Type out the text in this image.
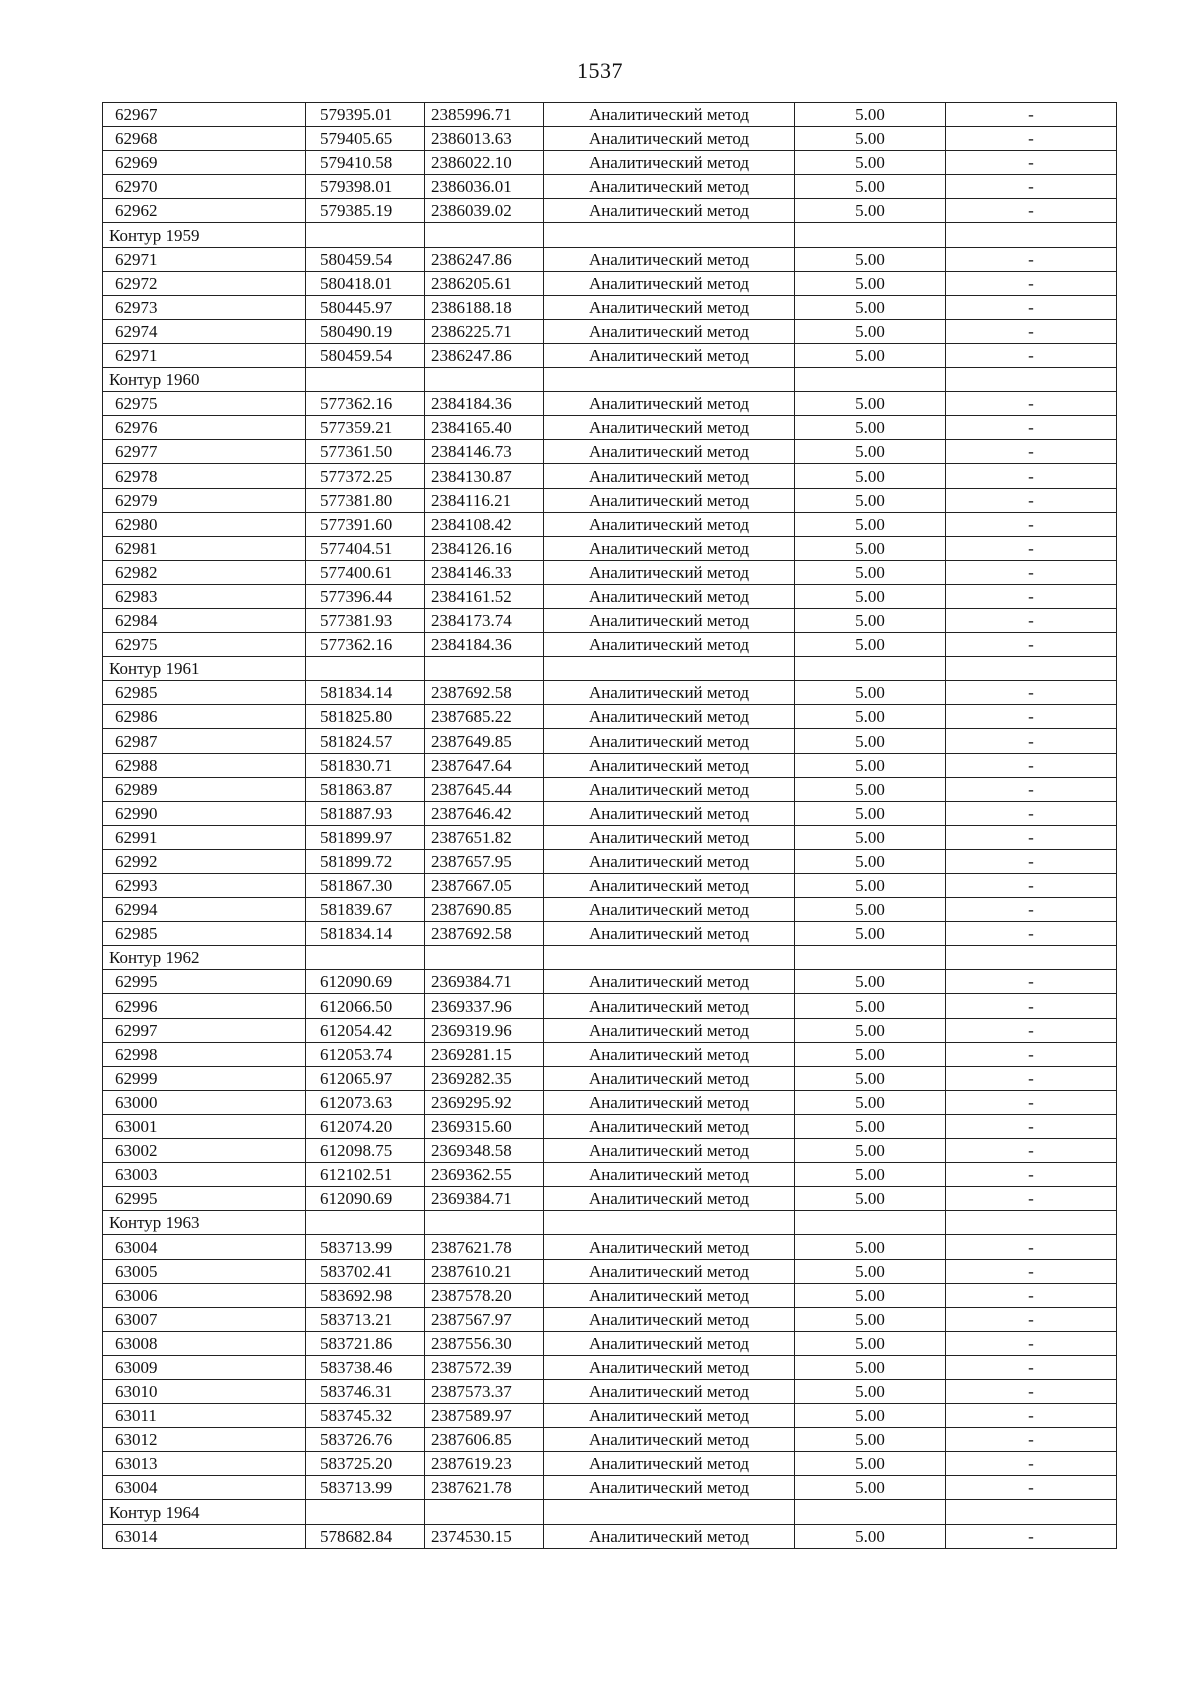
1537
62967	579395.01	2385996.71	Аналитический метод	5.00	-
62968	579405.65	2386013.63	Аналитический метод	5.00	-
62969	579410.58	2386022.10	Аналитический метод	5.00	-
62970	579398.01	2386036.01	Аналитический метод	5.00	-
62962	579385.19	2386039.02	Аналитический метод	5.00	-
Контур 1959					
62971	580459.54	2386247.86	Аналитический метод	5.00	-
62972	580418.01	2386205.61	Аналитический метод	5.00	-
62973	580445.97	2386188.18	Аналитический метод	5.00	-
62974	580490.19	2386225.71	Аналитический метод	5.00	-
62971	580459.54	2386247.86	Аналитический метод	5.00	-
Контур 1960					
62975	577362.16	2384184.36	Аналитический метод	5.00	-
62976	577359.21	2384165.40	Аналитический метод	5.00	-
62977	577361.50	2384146.73	Аналитический метод	5.00	-
62978	577372.25	2384130.87	Аналитический метод	5.00	-
62979	577381.80	2384116.21	Аналитический метод	5.00	-
62980	577391.60	2384108.42	Аналитический метод	5.00	-
62981	577404.51	2384126.16	Аналитический метод	5.00	-
62982	577400.61	2384146.33	Аналитический метод	5.00	-
62983	577396.44	2384161.52	Аналитический метод	5.00	-
62984	577381.93	2384173.74	Аналитический метод	5.00	-
62975	577362.16	2384184.36	Аналитический метод	5.00	-
Контур 1961					
62985	581834.14	2387692.58	Аналитический метод	5.00	-
62986	581825.80	2387685.22	Аналитический метод	5.00	-
62987	581824.57	2387649.85	Аналитический метод	5.00	-
62988	581830.71	2387647.64	Аналитический метод	5.00	-
62989	581863.87	2387645.44	Аналитический метод	5.00	-
62990	581887.93	2387646.42	Аналитический метод	5.00	-
62991	581899.97	2387651.82	Аналитический метод	5.00	-
62992	581899.72	2387657.95	Аналитический метод	5.00	-
62993	581867.30	2387667.05	Аналитический метод	5.00	-
62994	581839.67	2387690.85	Аналитический метод	5.00	-
62985	581834.14	2387692.58	Аналитический метод	5.00	-
Контур 1962					
62995	612090.69	2369384.71	Аналитический метод	5.00	-
62996	612066.50	2369337.96	Аналитический метод	5.00	-
62997	612054.42	2369319.96	Аналитический метод	5.00	-
62998	612053.74	2369281.15	Аналитический метод	5.00	-
62999	612065.97	2369282.35	Аналитический метод	5.00	-
63000	612073.63	2369295.92	Аналитический метод	5.00	-
63001	612074.20	2369315.60	Аналитический метод	5.00	-
63002	612098.75	2369348.58	Аналитический метод	5.00	-
63003	612102.51	2369362.55	Аналитический метод	5.00	-
62995	612090.69	2369384.71	Аналитический метод	5.00	-
Контур 1963					
63004	583713.99	2387621.78	Аналитический метод	5.00	-
63005	583702.41	2387610.21	Аналитический метод	5.00	-
63006	583692.98	2387578.20	Аналитический метод	5.00	-
63007	583713.21	2387567.97	Аналитический метод	5.00	-
63008	583721.86	2387556.30	Аналитический метод	5.00	-
63009	583738.46	2387572.39	Аналитический метод	5.00	-
63010	583746.31	2387573.37	Аналитический метод	5.00	-
63011	583745.32	2387589.97	Аналитический метод	5.00	-
63012	583726.76	2387606.85	Аналитический метод	5.00	-
63013	583725.20	2387619.23	Аналитический метод	5.00	-
63004	583713.99	2387621.78	Аналитический метод	5.00	-
Контур 1964					
63014	578682.84	2374530.15	Аналитический метод	5.00	-
